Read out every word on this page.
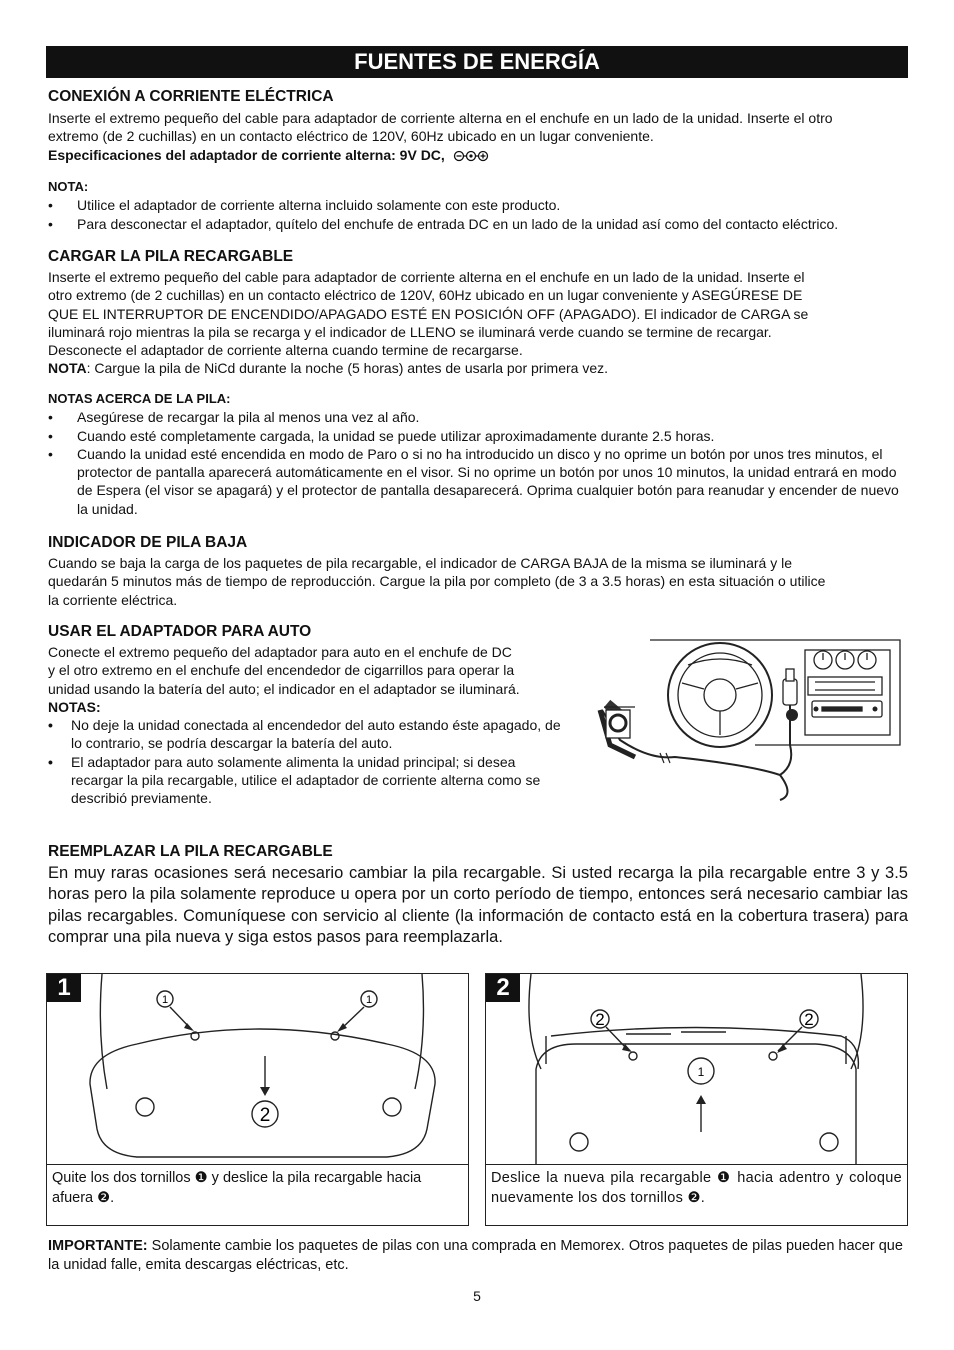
FUENTES DE ENERGÍA
CONEXIÓN A CORRIENTE ELÉCTRICA

Inserte el extremo pequeño del cable para adaptador de corriente alterna en el enchufe en un lado de la unidad. Inserte el otro

extremo (de 2 cuchillas) en un contacto eléctrico de 120V, 60Hz ubicado en un lugar conveniente.

Especificaciones del adaptador de corriente alterna: 9V DC,

NOTA:

• Utilice el adaptador de corriente alterna incluido solamente con este producto.

• Para desconectar el adaptador, quítelo del enchufe de entrada DC en un lado de la unidad así como del contacto eléctrico.

CARGAR LA PILA RECARGABLE

Inserte el extremo pequeño del cable para adaptador de corriente alterna en el enchufe en un lado de la unidad. Inserte el

otro extremo (de 2 cuchillas) en un contacto eléctrico de 120V, 60Hz ubicado en un lugar conveniente y ASEGÚRESE DE

QUE EL INTERRUPTOR DE ENCENDIDO/APAGADO ESTÉ EN POSICIÓN OFF (APAGADO). El indicador de CARGA se

iluminará rojo mientras la pila se recarga y el indicador de LLENO se iluminará verde cuando se termine de recargar.

Desconecte el adaptador de corriente alterna cuando termine de recargarse.

NOTA: Cargue la pila de NiCd durante la noche (5 horas) antes de usarla por primera vez.

NOTAS ACERCA DE LA PILA:

• Asegúrese de recargar la pila al menos una vez al año.

• Cuando esté completamente cargada, la unidad se puede utilizar aproximadamente durante 2.5 horas.

• Cuando la unidad esté encendida en modo de Paro o si no ha introducido un disco y no oprime un botón por unos tres minutos, el protector de pantalla aparecerá automáticamente en el visor. Si no oprime un botón por unos 10 minutos, la unidad entrará en modo de Espera (el visor se apagará) y el protector de pantalla desaparecerá. Oprima cualquier botón para reanudar y encender de nuevo la unidad.

INDICADOR DE PILA BAJA

Cuando se baja la carga de los paquetes de pila recargable, el indicador de CARGA BAJA de la misma se iluminará y le

quedarán 5 minutos más de tiempo de reproducción. Cargue la pila por completo (de 3 a 3.5 horas) en esta situación o utilice

la corriente eléctrica.

USAR EL ADAPTADOR PARA AUTO

Conecte el extremo pequeño del adaptador para auto en el enchufe de DC

y el otro extremo en el enchufe del encendedor de cigarrillos para operar la

unidad usando la batería del auto; el indicador en el adaptador se iluminará.

NOTAS:

• No deje la unidad conectada al encendedor del auto estando éste apagado, de lo contrario, se podría descargar la batería del auto.

• El adaptador para auto solamente alimenta la unidad principal; si desea recargar la pila recargable, utilice el adaptador de corriente alterna como se describió previamente.

REEMPLAZAR LA PILA RECARGABLE

En muy raras ocasiones será necesario cambiar la pila recargable. Si usted recarga la pila recargable entre 3 y 3.5 horas pero la pila solamente reproduce u opera por un corto período de tiempo, entonces será necesario cambiar las pilas recargables. Comuníquese con servicio al cliente (la información de contacto está en la cobertura trasera) para comprar una pila nueva y siga estos pasos para reemplazarla.

1	1	1
2
Quite los dos tornillos ❶ y deslice la pila recargable hacia afuera ❷.
2
2	2
1
Deslice la nueva pila recargable ❶ hacia adentro y coloque nuevamente los dos tornillos ❷.
IMPORTANTE: Solamente cambie los paquetes de pilas con una comprada en Memorex. Otros paquetes de pilas pueden hacer que la unidad falle, emita descargas eléctricas, etc.
5
